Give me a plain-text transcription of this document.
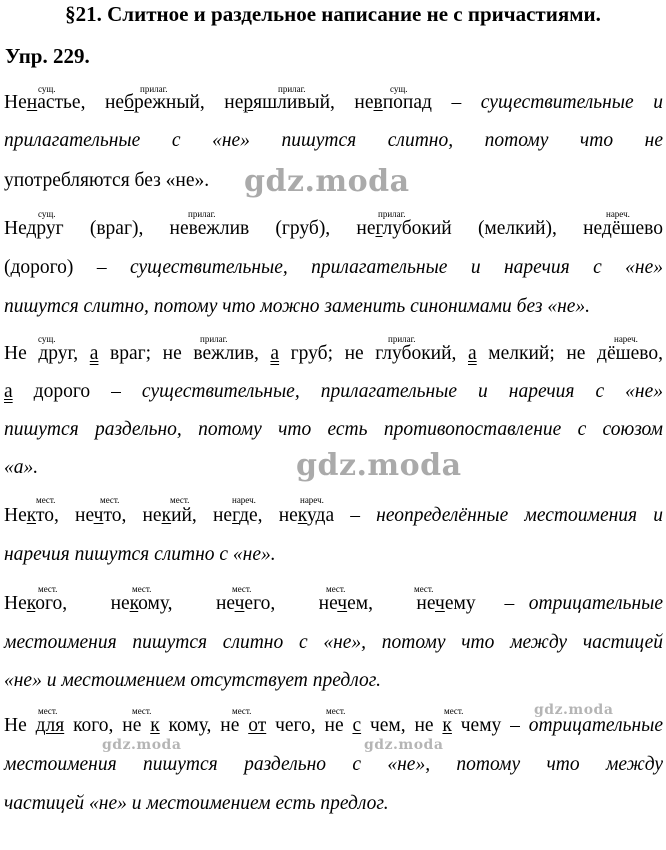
§21. Слитное и раздельное написание не с причастиями.
Упр. 229.
сущ.	прилаг.	прилаг.	сущ.
Ненастье, небрежный, неряшливый, невпопад – существительные и
прилагательные с «не» пишутся слитно, потому что не
употребляются без «не».
сущ.	прилаг.	прилаг.	нареч.
Недруг (враг), невежлив (груб), неглубокий (мелкий), недёшево
(дорого) – существительные, прилагательные и наречия с «не»
пишутся слитно, потому что можно заменить синонимами без «не».
сущ.	прилаг.	прилаг.	нареч.
Не друг, а враг; не вежлив, а груб; не глубокий, а мелкий; не дёшево,
а дорого – существительные, прилагательные и наречия с «не»
пишутся раздельно, потому что есть противопоставление с союзом
«а».
мест.	мест.	мест.	нареч.	нареч.
Некто, нечто, некий, негде, некуда – неопределённые местоимения и
наречия пишутся слитно с «не».
мест.	мест.	мест.	мест.	мест.
Некого,   некому,   нечего,   нечем,   нечему  – отрицательные
местоимения пишутся слитно с «не», потому что между частицей
«не» и местоимением отсутствует предлог.
мест.	мест.	мест.	мест.	мест.
Не для кого, не к кому, не от чего, не с чем, не к чему – отрицательные
местоимения пишутся раздельно с «не», потому что между
частицей «не» и местоимением есть предлог.
gdz.moda
gdz.moda
gdz.moda
gdz.moda	gdz.moda
